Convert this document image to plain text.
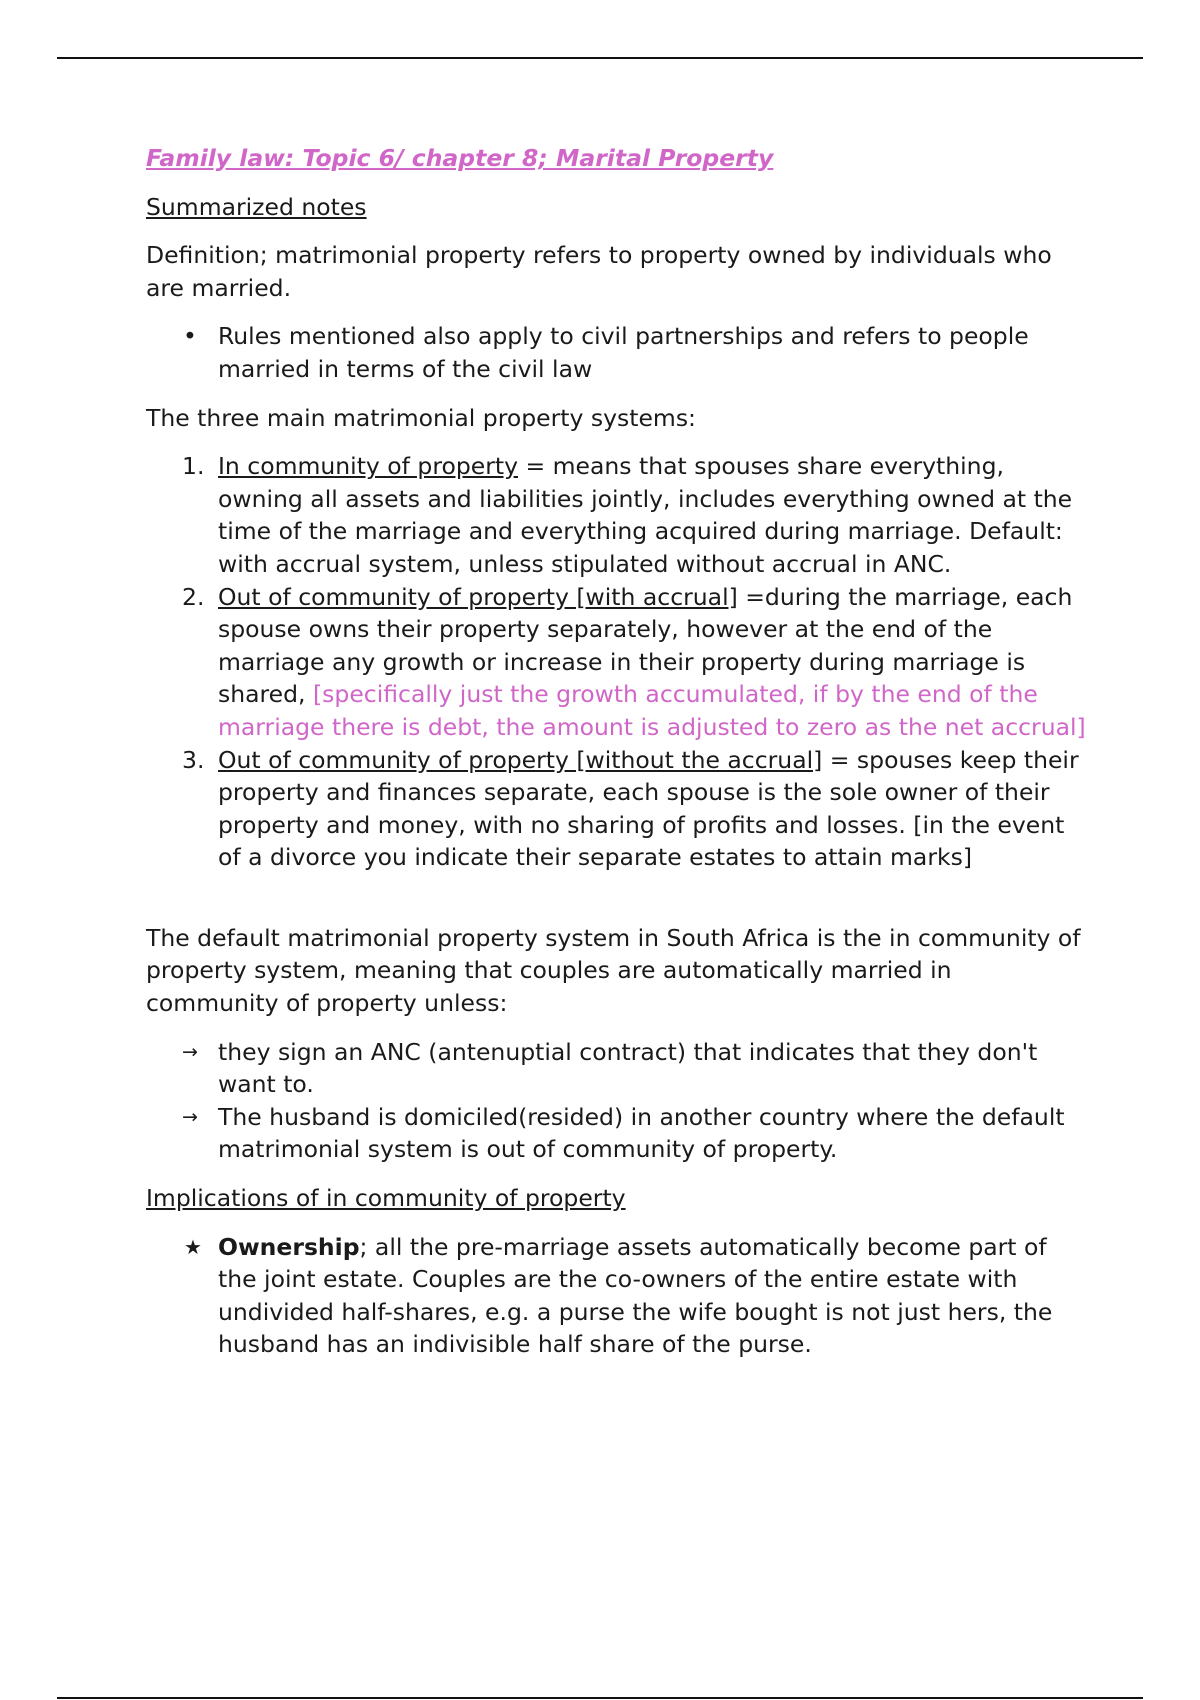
Family law: Topic 6/ chapter 8; Marital Property

Summarized notes

Definition; matrimonial property refers to property owned by individuals who are married.

• Rules mentioned also apply to civil partnerships and refers to people married in terms of the civil law

The three main matrimonial property systems:

1. In community of property = means that spouses share everything, owning all assets and liabilities jointly, includes everything owned at the time of the marriage and everything acquired during marriage. Default: with accrual system, unless stipulated without accrual in ANC.
2. Out of community of property [with accrual] =during the marriage, each spouse owns their property separately, however at the end of the marriage any growth or increase in their property during marriage is shared, [specifically just the growth accumulated, if by the end of the marriage there is debt, the amount is adjusted to zero as the net accrual]
3. Out of community of property [without the accrual] = spouses keep their property and finances separate, each spouse is the sole owner of their property and money, with no sharing of profits and losses. [in the event of a divorce you indicate their separate estates to attain marks]

The default matrimonial property system in South Africa is the in community of property system, meaning that couples are automatically married in community of property unless:

→ they sign an ANC (antenuptial contract) that indicates that they don't want to.
→ The husband is domiciled(resided) in another country where the default matrimonial system is out of community of property.

Implications of in community of property

★ Ownership; all the pre-marriage assets automatically become part of the joint estate. Couples are the co-owners of the entire estate with undivided half-shares, e.g. a purse the wife bought is not just hers, the husband has an indivisible half share of the purse.
